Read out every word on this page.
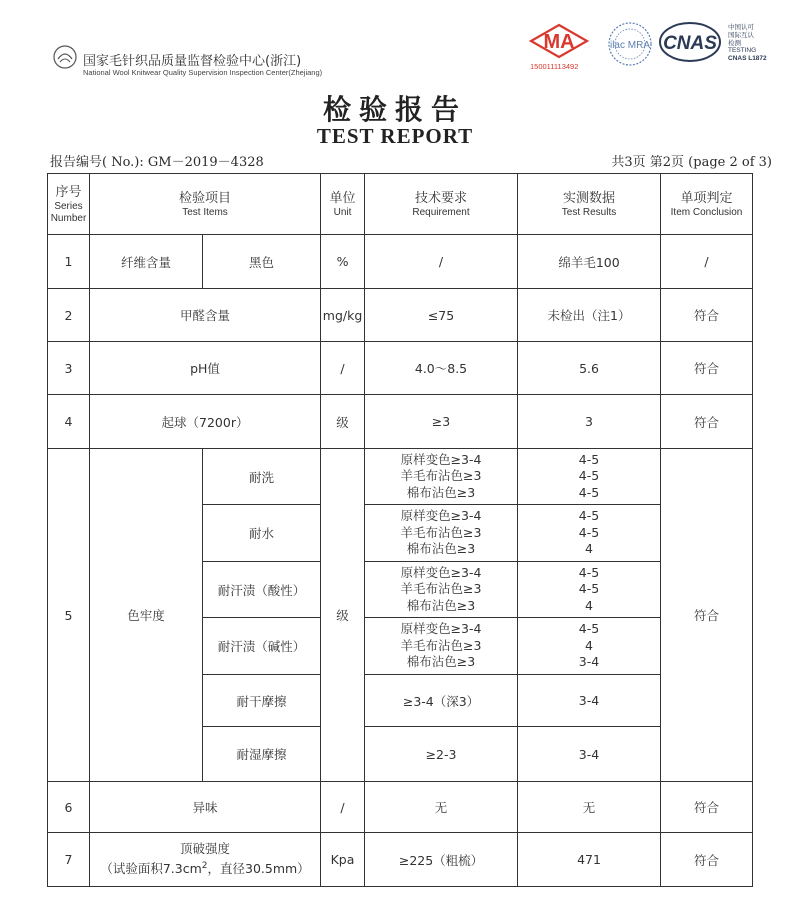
国家毛针织品质量监督检验中心(浙江)
National Wool Knitwear Quality Supervision Inspection Center(Zhejiang)
MA
150011113492
ilac MRA CNAS
中国认可
国际互认
检测
TESTING
CNAS L1872
检验报告
TEST REPORT
报告编号( No.): GM－2019－4328	共3页 第2页 (page 2 of 3)
序号
Series
Number	检验项目
Test Items		单位
Unit	技术要求
Requirement	实测数据
Test Results	单项判定
Item Conclusion

1	纤维含量	黑色	%	/	绵羊毛100	/
2	甲醛含量		mg/kg	≤75	未检出（注1）	符合
3	pH值		/	4.0～8.5	5.6	符合
4	起球（7200r）		级	≥3	3	符合
5	色牢度	耐洗	级	原样变色≥3-4
羊毛布沾色≥3
棉布沾色≥3	4-5
4-5
4-5	符合
		耐水		原样变色≥3-4
羊毛布沾色≥3
棉布沾色≥3	4-5
4-5
4	

		耐汗渍（酸性）		原样变色≥3-4
羊毛布沾色≥3
棉布沾色≥3	4-5
4-5
4	

		耐汗渍（碱性）		原样变色≥3-4
羊毛布沾色≥3
棉布沾色≥3	4-5
4
3-4	

		耐干摩擦		≥3-4（深3）	3-4	
		耐湿摩擦		≥2-3	3-4	
6	异味		/	无	无	符合
7	顶破强度
（试验面积$7.3cm^2$，直径30.5mm）		Kpa	≥225（粗梳）	471	符合
